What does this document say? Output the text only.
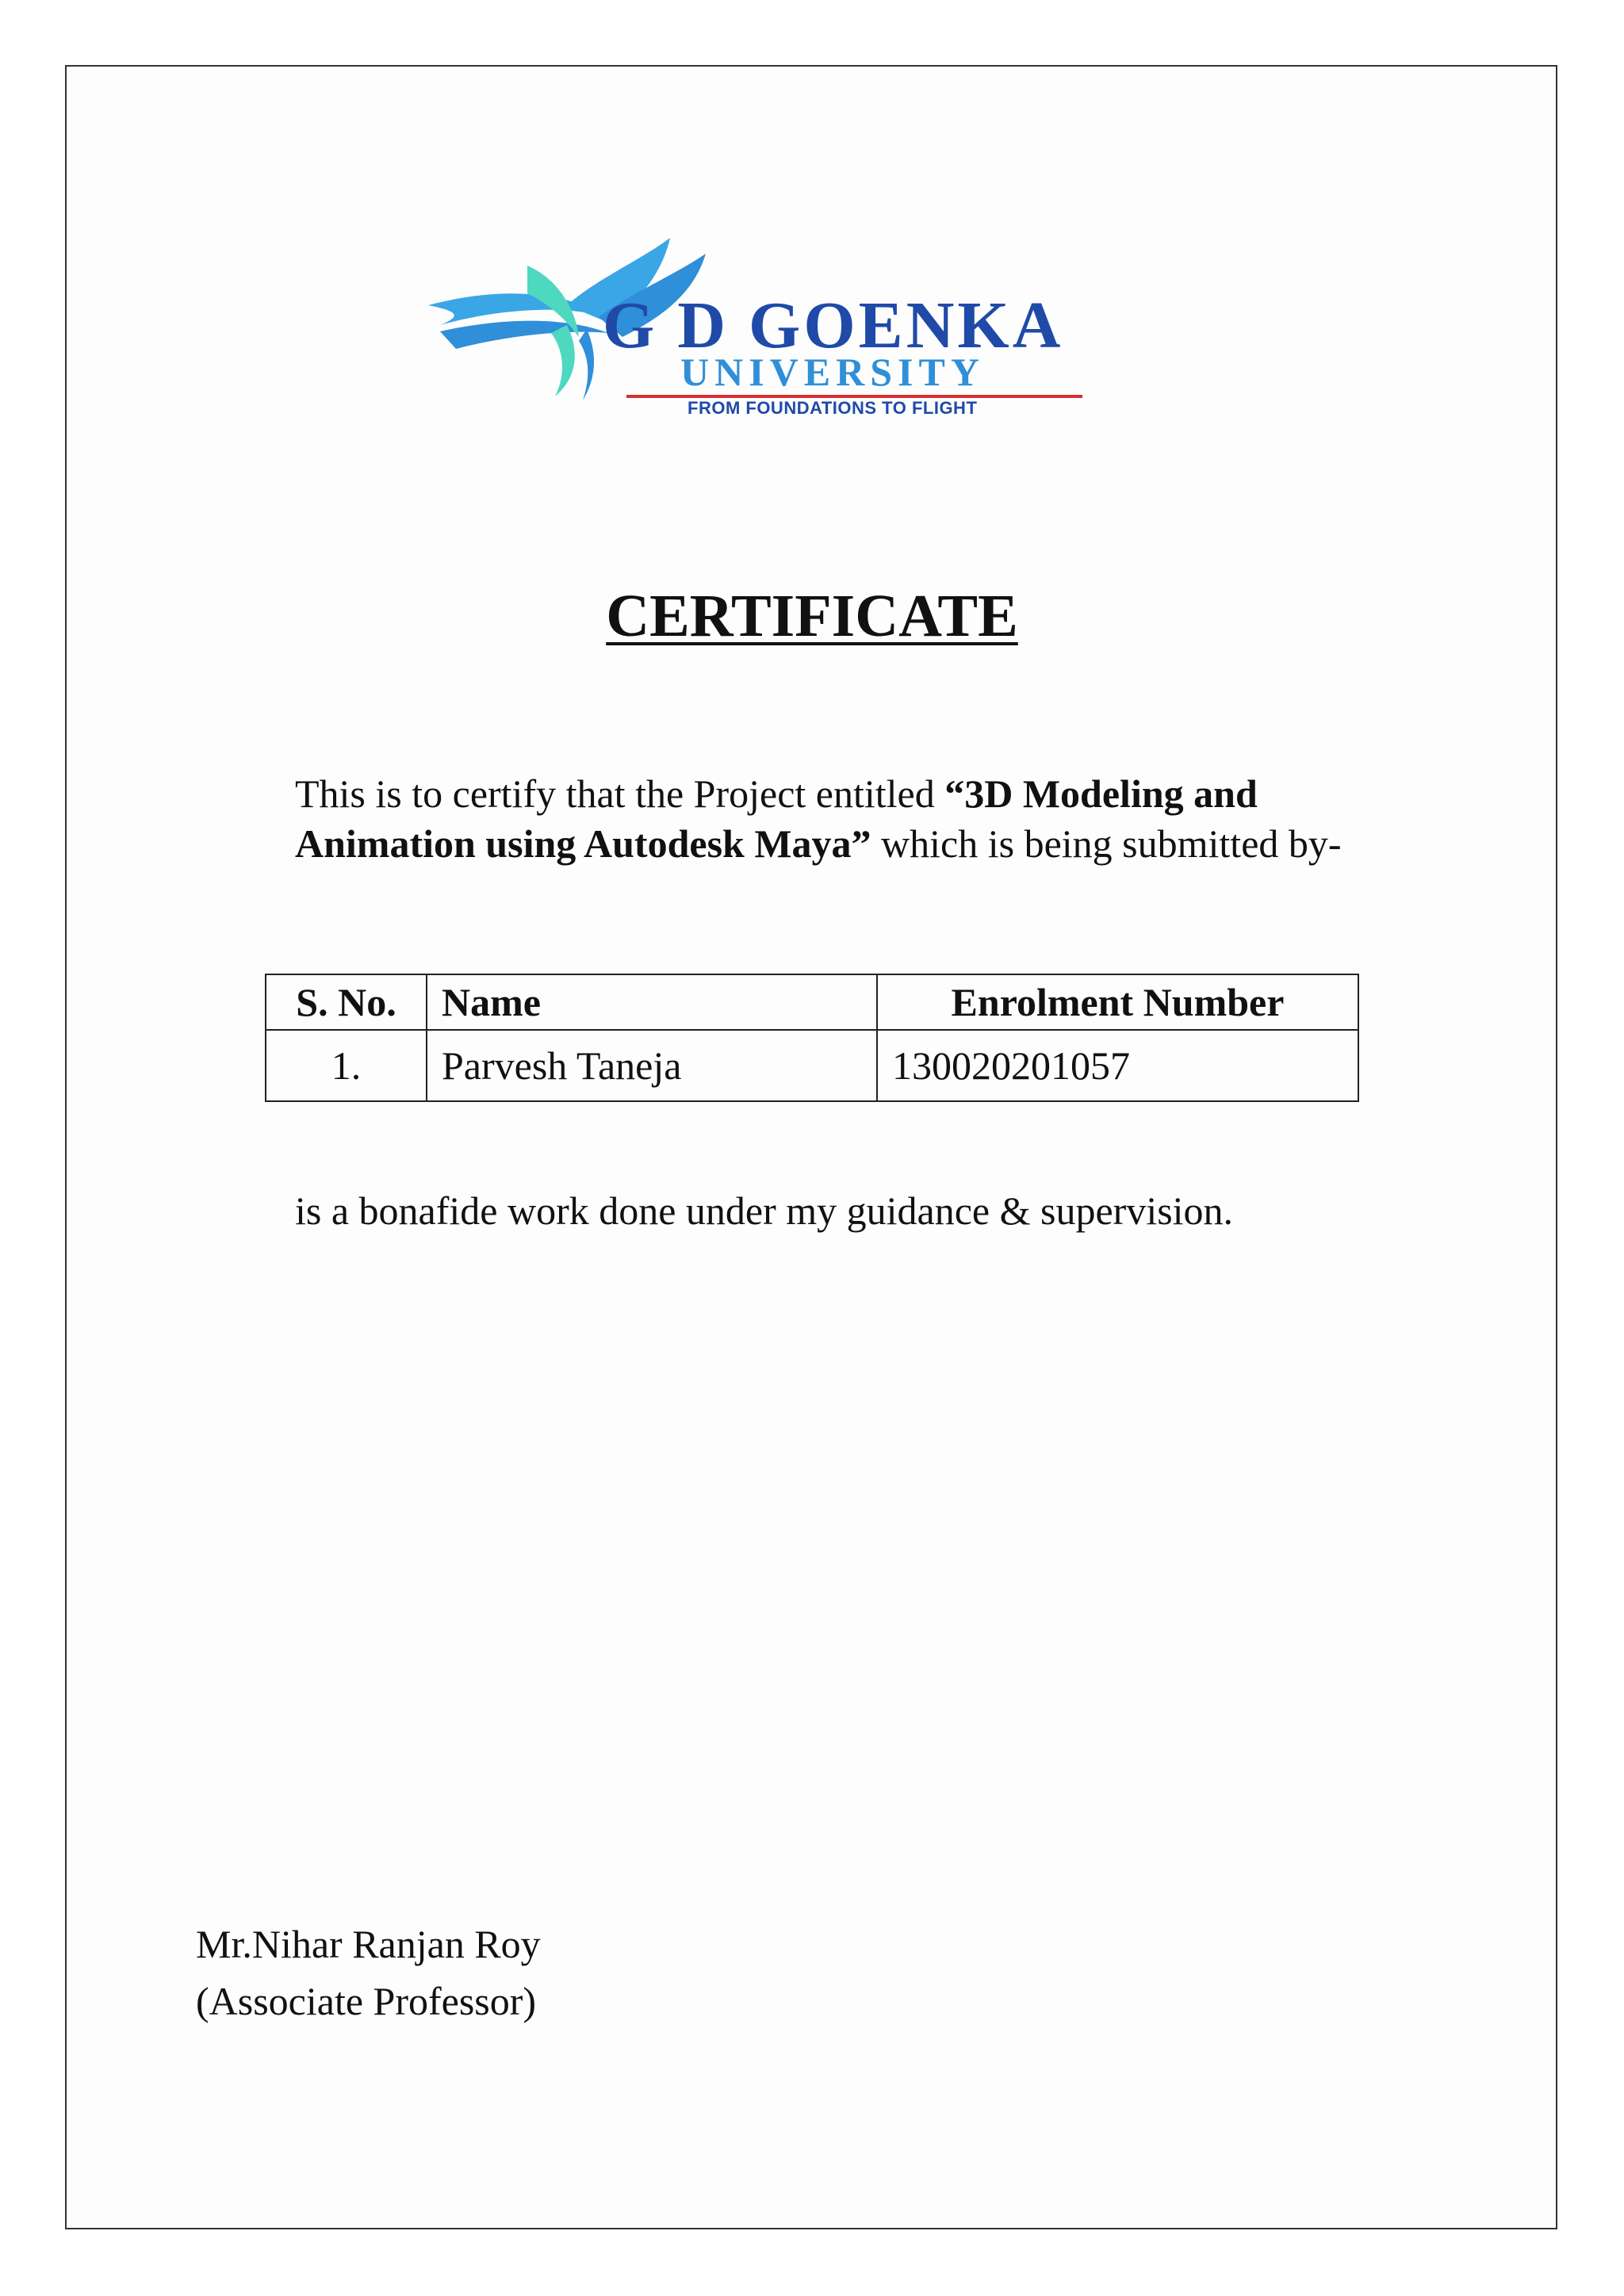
G D GOENKA
UNIVERSITY
FROM FOUNDATIONS TO FLIGHT
CERTIFICATE

This is to certify that the Project entitled “3D Modeling and Animation using Autodesk Maya” which is being submitted by-

S. No.	Name	Enrolment Number
1.	Parvesh Taneja	130020201057

is a bonafide work done under my guidance & supervision.

Mr.Nihar Ranjan Roy
(Associate Professor)
